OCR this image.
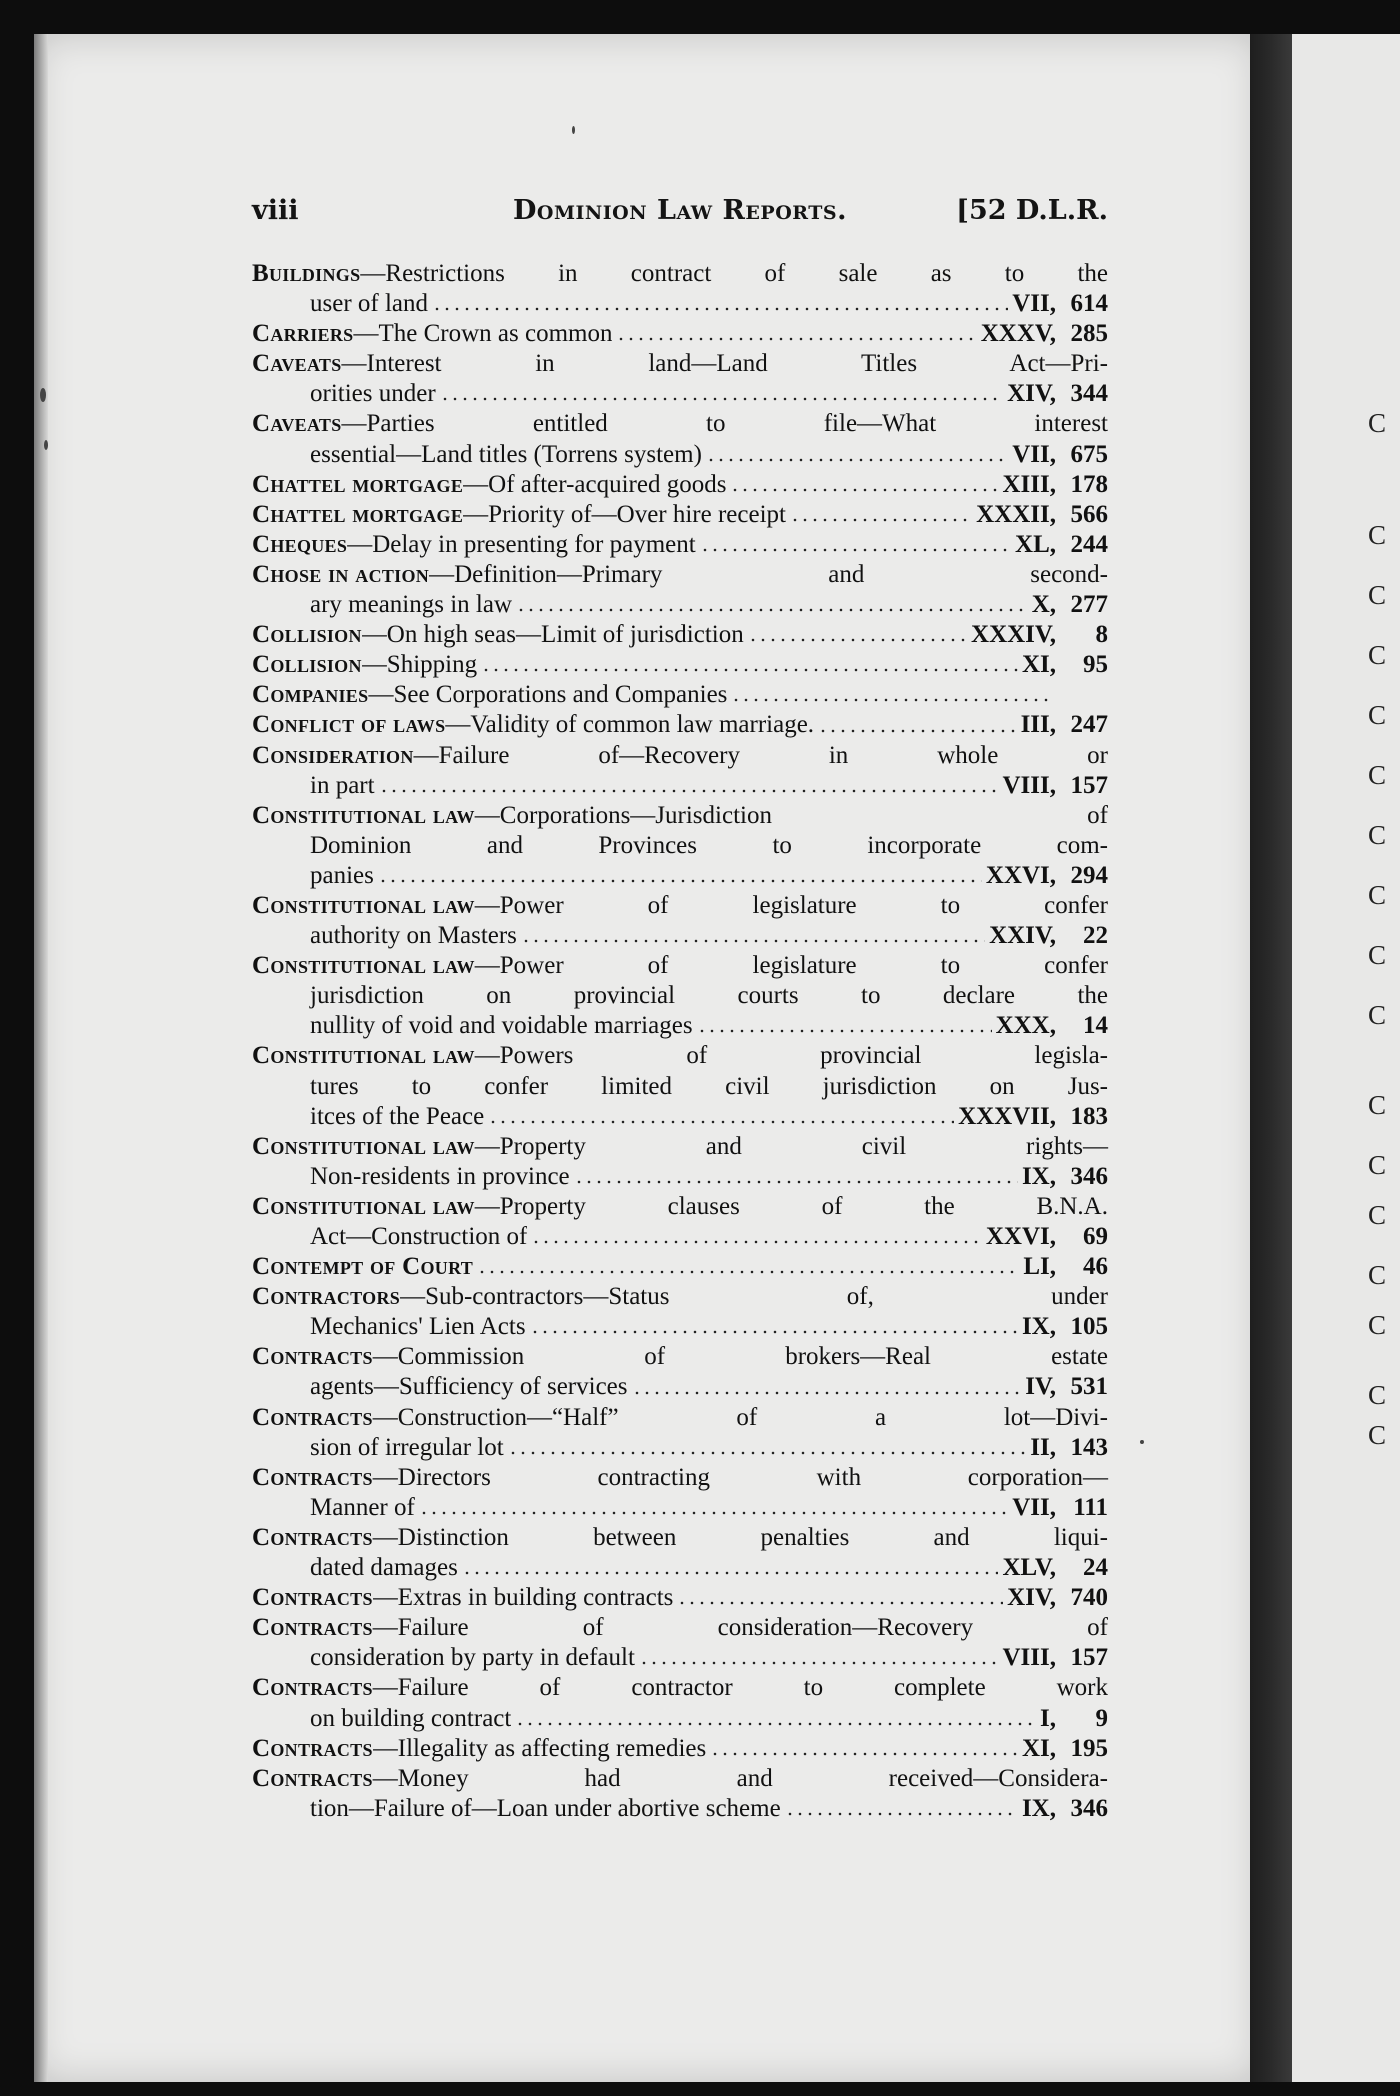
C
C
C
C
C
C
C
C
C
C
C
C
C
C
C
C
C
viii	Dominion Law Reports.	[52 D.L.R.
Buildings —Restrictions in contract of sale as to the
user of land	VII, 614
Carriers —The Crown as common	XXXV, 285
Caveats —Interest in land—Land Titles Act—Pri-
orities under	XIV, 344
Caveats —Parties entitled to file—What interest
essential—Land titles (Torrens system)	VII, 675
Chattel mortgage —Of after-acquired goods	XIII, 178
Chattel mortgage —Priority of—Over hire receipt	XXXII, 566
Cheques —Delay in presenting for payment	XL, 244
Chose in action —Definition—Primary and second-
ary meanings in law	X, 277
Collision —On high seas—Limit of jurisdiction	XXXIV, 8
Collision —Shipping	XI, 95
Companies —See Corporations and Companies
Conflict of laws —Validity of common law marriage.	III, 247
Consideration —Failure of—Recovery in whole or
in part	VIII, 157
Constitutional law —Corporations—Jurisdiction of
Dominion and Provinces to incorporate com-
panies	XXVI, 294
Constitutional law —Power of legislature to confer
authority on Masters	XXIV, 22
Constitutional law —Power of legislature to confer
jurisdiction on provincial courts to declare the
nullity of void and voidable marriages	XXX, 14
Constitutional law —Powers of provincial legisla-
tures to confer limited civil jurisdiction on Jus-
itces of the Peace	XXXVII, 183
Constitutional law —Property and civil rights—
Non-residents in province	IX, 346
Constitutional law —Property clauses of the B.N.A.
Act—Construction of	XXVI, 69
Contempt of Court	LI, 46
Contractors —Sub-contractors—Status of, under
Mechanics' Lien Acts	IX, 105
Contracts —Commission of brokers—Real estate
agents—Sufficiency of services	IV, 531
Contracts —Construction—“Half” of a lot—Divi-
sion of irregular lot	II, 143
Contracts —Directors contracting with corporation—
Manner of	VII, 111
Contracts —Distinction between penalties and liqui-
dated damages	XLV, 24
Contracts —Extras in building contracts	XIV, 740
Contracts —Failure of consideration—Recovery of
consideration by party in default	VIII, 157
Contracts —Failure of contractor to complete work
on building contract	I, 9
Contracts —Illegality as affecting remedies	XI, 195
Contracts —Money had and received—Considera-
tion—Failure of—Loan under abortive scheme	IX, 346
